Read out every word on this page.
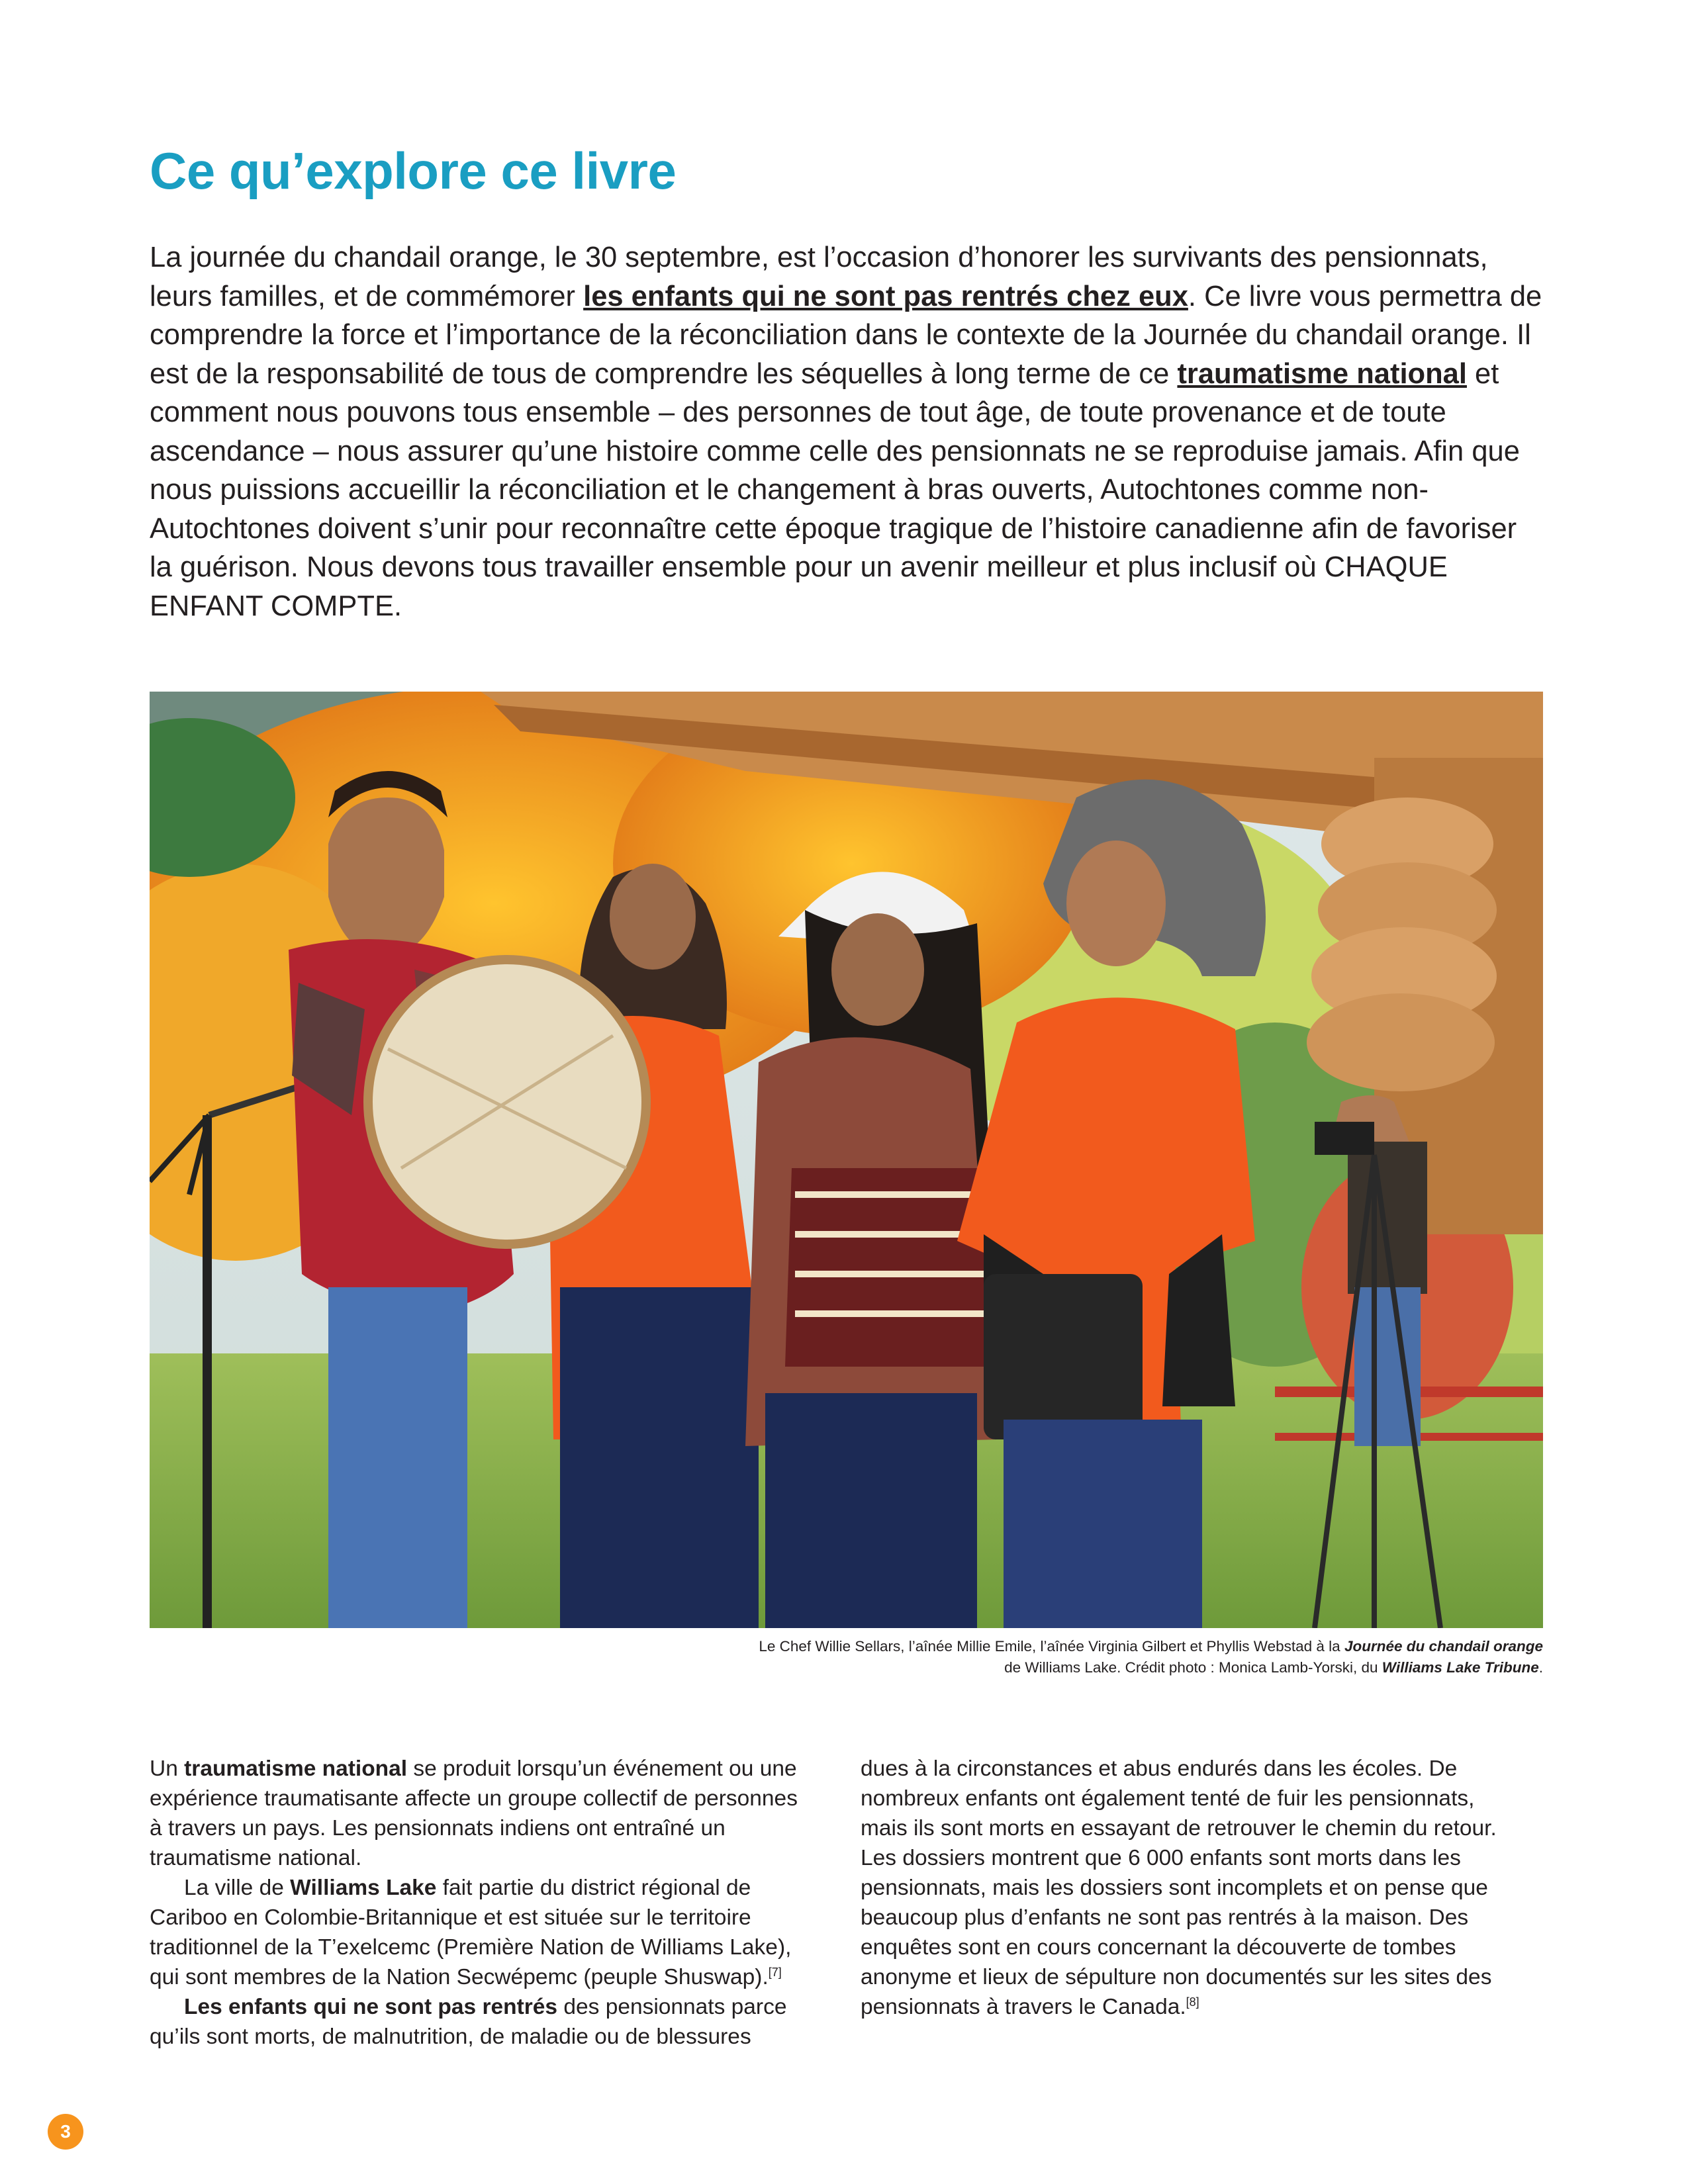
Ce qu’explore ce livre

La journée du chandail orange, le 30 septembre, est l’occasion d’honorer les survivants des pensionnats, leurs familles, et de commémorer les enfants qui ne sont pas rentrés chez eux. Ce livre vous permettra de comprendre la force et l’importance de la réconciliation dans le contexte de la Journée du chandail orange. Il est de la responsabilité de tous de comprendre les séquelles à long terme de ce traumatisme national et comment nous pouvons tous ensemble – des personnes de tout âge, de toute provenance et de toute ascendance – nous assurer qu’une histoire comme celle des pensionnats ne se reproduise jamais. Afin que nous puissions accueillir la réconciliation et le changement à bras ouverts, Autochtones comme non-Autochtones doivent s’unir pour reconnaître cette époque tragique de l’histoire canadienne afin de favoriser la guérison. Nous devons tous travailler ensemble pour un avenir meilleur et plus inclusif où CHAQUE ENFANT COMPTE.

Le Chef Willie Sellars, l’aînée Millie Emile, l’aînée Virginia Gilbert et Phyllis Webstad à la Journée du chandail orange de Williams Lake. Crédit photo : Monica Lamb-Yorski, du Williams Lake Tribune.

Un traumatisme national se produit lorsqu’un événement ou une expérience traumatisante affecte un groupe collectif de personnes à travers un pays. Les pensionnats indiens ont entraîné un traumatisme national.

La ville de Williams Lake fait partie du district régional de Cariboo en Colombie-Britannique et est située sur le territoire traditionnel de la T’exelcemc (Première Nation de Williams Lake), qui sont membres de la Nation Secwépemc (peuple Shuswap).[7]

Les enfants qui ne sont pas rentrés des pensionnats parce qu’ils sont morts, de malnutrition, de maladie ou de blessures

dues à la circonstances et abus endurés dans les écoles. De nombreux enfants ont également tenté de fuir les pensionnats, mais ils sont morts en essayant de retrouver le chemin du retour. Les dossiers montrent que 6 000 enfants sont morts dans les pensionnats, mais les dossiers sont incomplets et on pense que beaucoup plus d’enfants ne sont pas rentrés à la maison. Des enquêtes sont en cours concernant la découverte de tombes anonyme et lieux de sépulture non documentés sur les sites des pensionnats à travers le Canada.[8]

3
